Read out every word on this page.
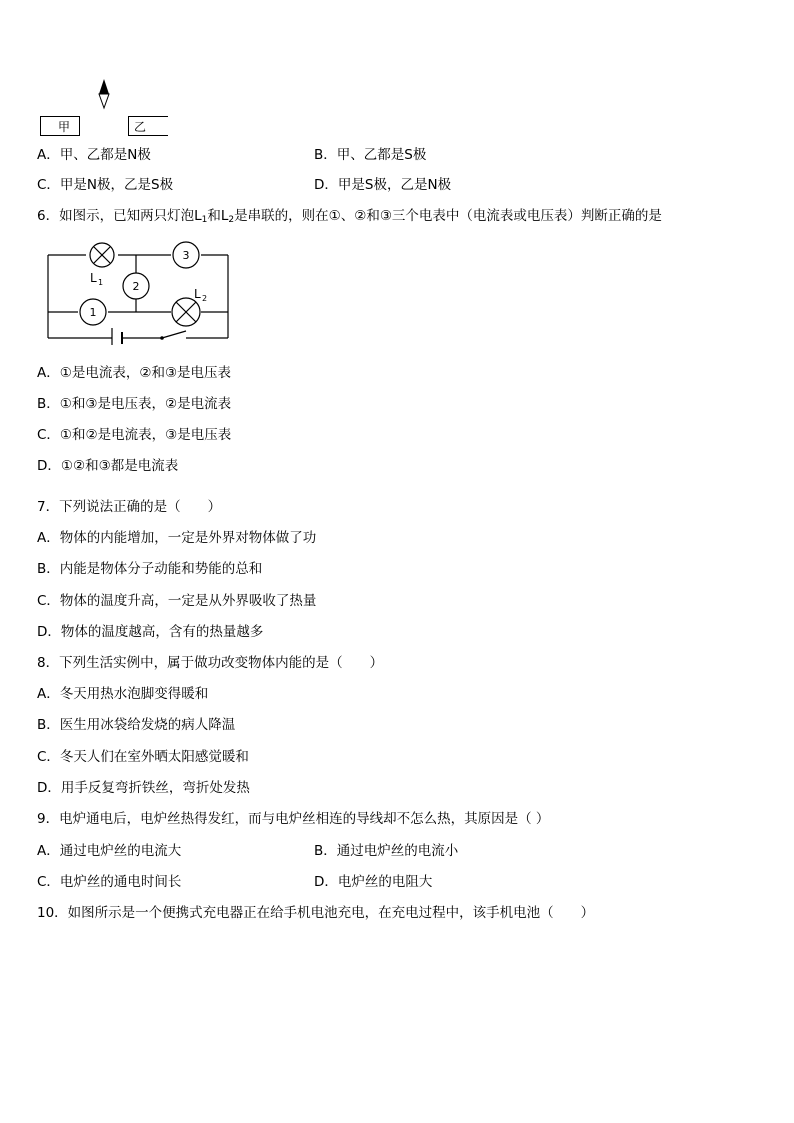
甲	乙
A．甲、乙都是N极	B．甲、乙都是S极
C．甲是N极，乙是S极	D．甲是S极，乙是N极
6．如图示，已知两只灯泡$L_1$和$L_2$是串联的，则在①、②和③三个电表中（电流表或电压表）判断正确的是
L 1
L 2
1
2
3
A．①是电流表，②和③是电压表
B．①和③是电压表，②是电流表
C．①和②是电流表，③是电压表
D．①②和③都是电流表
7．下列说法正确的是（　　）
A．物体的内能增加，一定是外界对物体做了功
B．内能是物体分子动能和势能的总和
C．物体的温度升高，一定是从外界吸收了热量
D．物体的温度越高，含有的热量越多
8．下列生活实例中，属于做功改变物体内能的是（　　）
A．冬天用热水泡脚变得暖和
B．医生用冰袋给发烧的病人降温
C．冬天人们在室外晒太阳感觉暖和
D．用手反复弯折铁丝，弯折处发热
9．电炉通电后，电炉丝热得发红，而与电炉丝相连的导线却不怎么热，其原因是（ ）
A．通过电炉丝的电流大	B．通过电炉丝的电流小
C．电炉丝的通电时间长	D．电炉丝的电阻大
10．如图所示是一个便携式充电器正在给手机电池充电，在充电过程中，该手机电池（　　）
